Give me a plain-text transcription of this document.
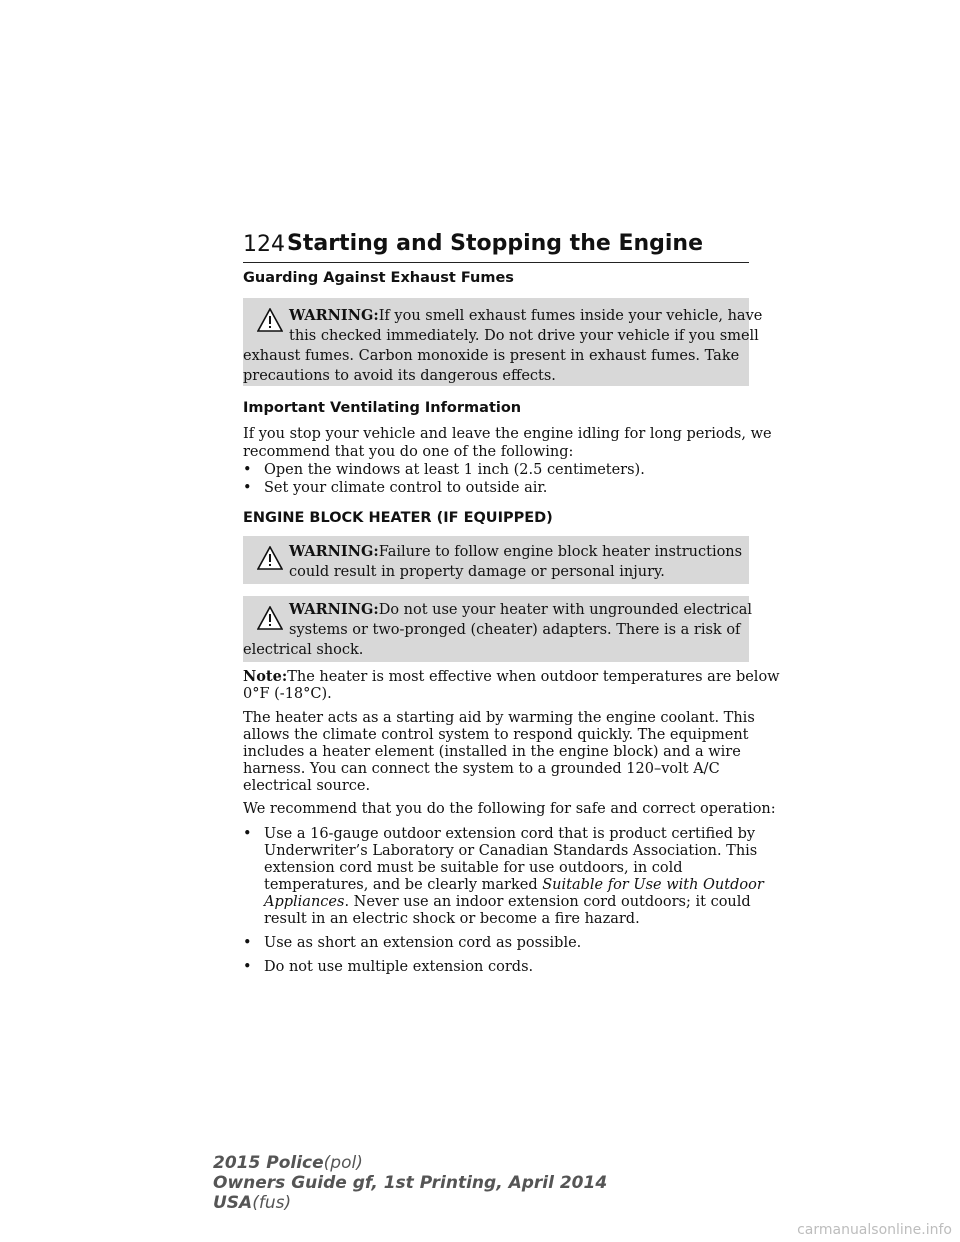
124 Starting and Stopping the Engine
Guarding Against Exhaust Fumes
WARNING:If you smell exhaust fumes inside your vehicle, have
this checked immediately. Do not drive your vehicle if you smell
exhaust fumes. Carbon monoxide is present in exhaust fumes. Take
precautions to avoid its dangerous effects.
Important Ventilating Information
If you stop your vehicle and leave the engine idling for long periods, we
recommend that you do one of the following:
• Open the windows at least 1 inch (2.5 centimeters).
• Set your climate control to outside air.
ENGINE BLOCK HEATER (IF EQUIPPED)
WARNING:Failure to follow engine block heater instructions
could result in property damage or personal injury.
WARNING:Do not use your heater with ungrounded electrical
systems or two-pronged (cheater) adapters. There is a risk of
electrical shock.
Note:The heater is most effective when outdoor temperatures are below
0°F (-18°C).
The heater acts as a starting aid by warming the engine coolant. This
allows the climate control system to respond quickly. The equipment
includes a heater element (installed in the engine block) and a wire
harness. You can connect the system to a grounded 120–volt A/C
electrical source.
We recommend that you do the following for safe and correct operation:
• Use a 16-gauge outdoor extension cord that is product certified by
Underwriter’s Laboratory or Canadian Standards Association. This
extension cord must be suitable for use outdoors, in cold
temperatures, and be clearly marked Suitable for Use with Outdoor
Appliances. Never use an indoor extension cord outdoors; it could
result in an electric shock or become a fire hazard.
• Use as short an extension cord as possible.
• Do not use multiple extension cords.
2015 Police(pol)
Owners Guide gf, 1st Printing, April 2014
USA(fus)
carmanualsonline.info
